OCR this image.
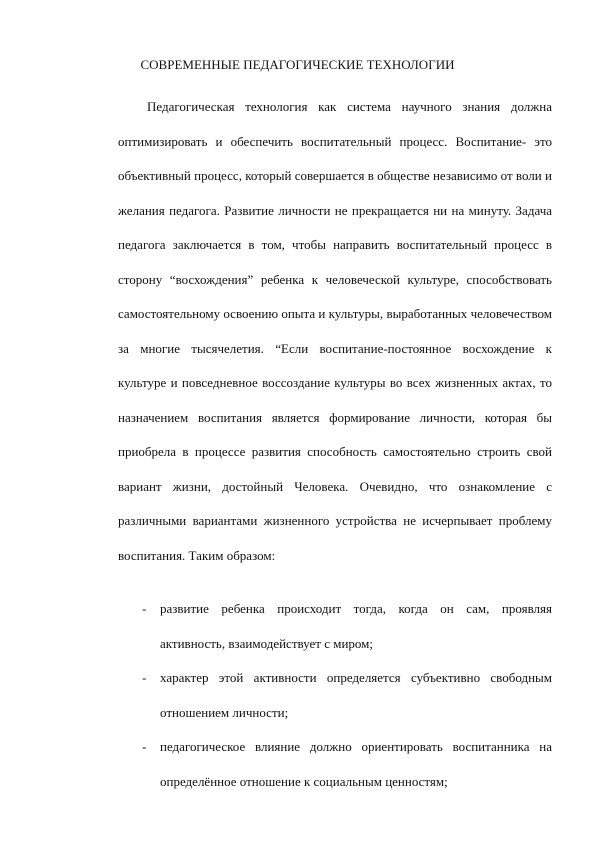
СОВРЕМЕННЫЕ ПЕДАГОГИЧЕСКИЕ ТЕХНОЛОГИИ

Педагогическая технология как система научного знания должна оптимизировать и обеспечить воспитательный процесс. Воспитание- это объективный процесс, который совершается в обществе независимо от воли и желания педагога. Развитие личности не прекращается ни на минуту. Задача педагога заключается в том, чтобы направить воспитательный процесс в сторону “восхождения” ребенка к человеческой культуре, способствовать самостоятельному освоению опыта и культуры, выработанных человечеством за многие тысячелетия. “Если воспитание-постоянное восхождение к культуре и повседневное воссоздание культуры во всех жизненных актах, то назначением воспитания является формирование личности, которая бы приобрела в процессе развития способность самостоятельно строить свой вариант жизни, достойный Человека. Очевидно, что ознакомление с различными вариантами жизненного устройства не исчерпывает проблему воспитания. Таким образом:

- развитие ребенка происходит тогда, когда он сам, проявляя активность, взаимодействует с миром;
- характер этой активности определяется субъективно свободным отношением личности;
- педагогическое влияние должно ориентировать воспитанника на определённое отношение к социальным ценностям;
